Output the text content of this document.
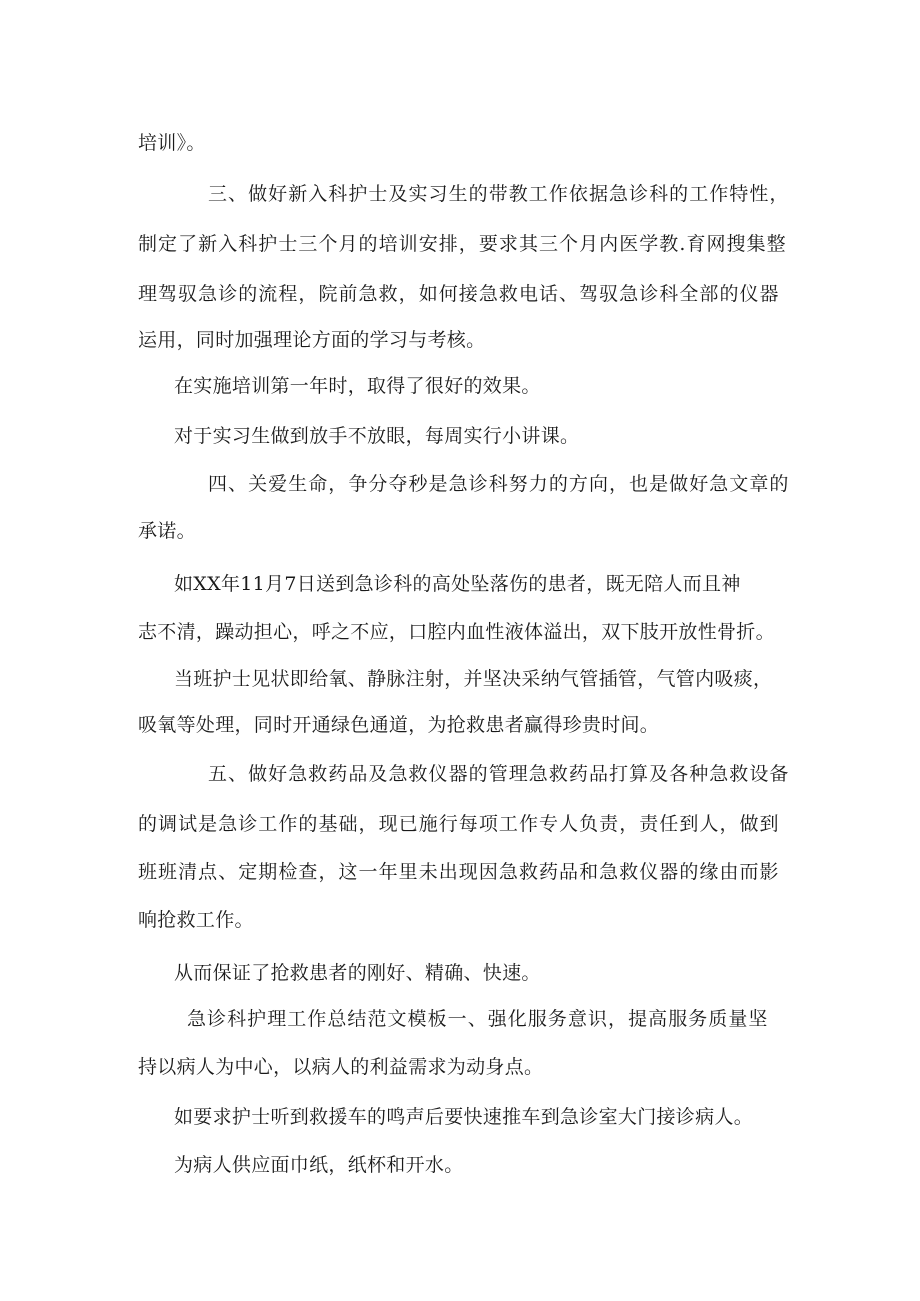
培训》。
三、做好新入科护士及实习生的带教工作依据急诊科的工作特性，
制定了新入科护士三个月的培训安排，要求其三个月内医学教.育网搜集整
理驾驭急诊的流程，院前急救，如何接急救电话、驾驭急诊科全部的仪器
运用，同时加强理论方面的学习与考核。
在实施培训第一年时，取得了很好的效果。
对于实习生做到放手不放眼，每周实行小讲课。
四、关爱生命，争分夺秒是急诊科努力的方向，也是做好急文章的
承诺。
如XX年11月7日送到急诊科的高处坠落伤的患者，既无陪人而且神
志不清，躁动担心，呼之不应，口腔内血性液体溢出，双下肢开放性骨折。
当班护士见状即给氧、静脉注射，并坚决采纳气管插管，气管内吸痰，
吸氧等处理，同时开通绿色通道，为抢救患者赢得珍贵时间。
五、做好急救药品及急救仪器的管理急救药品打算及各种急救设备
的调试是急诊工作的基础，现已施行每项工作专人负责，责任到人，做到
班班清点、定期检查，这一年里未出现因急救药品和急救仪器的缘由而影
响抢救工作。
从而保证了抢救患者的刚好、精确、快速。
急诊科护理工作总结范文模板一、强化服务意识，提高服务质量坚
持以病人为中心，以病人的利益需求为动身点。
如要求护士听到救援车的鸣声后要快速推车到急诊室大门接诊病人。
为病人供应面巾纸，纸杯和开水。
